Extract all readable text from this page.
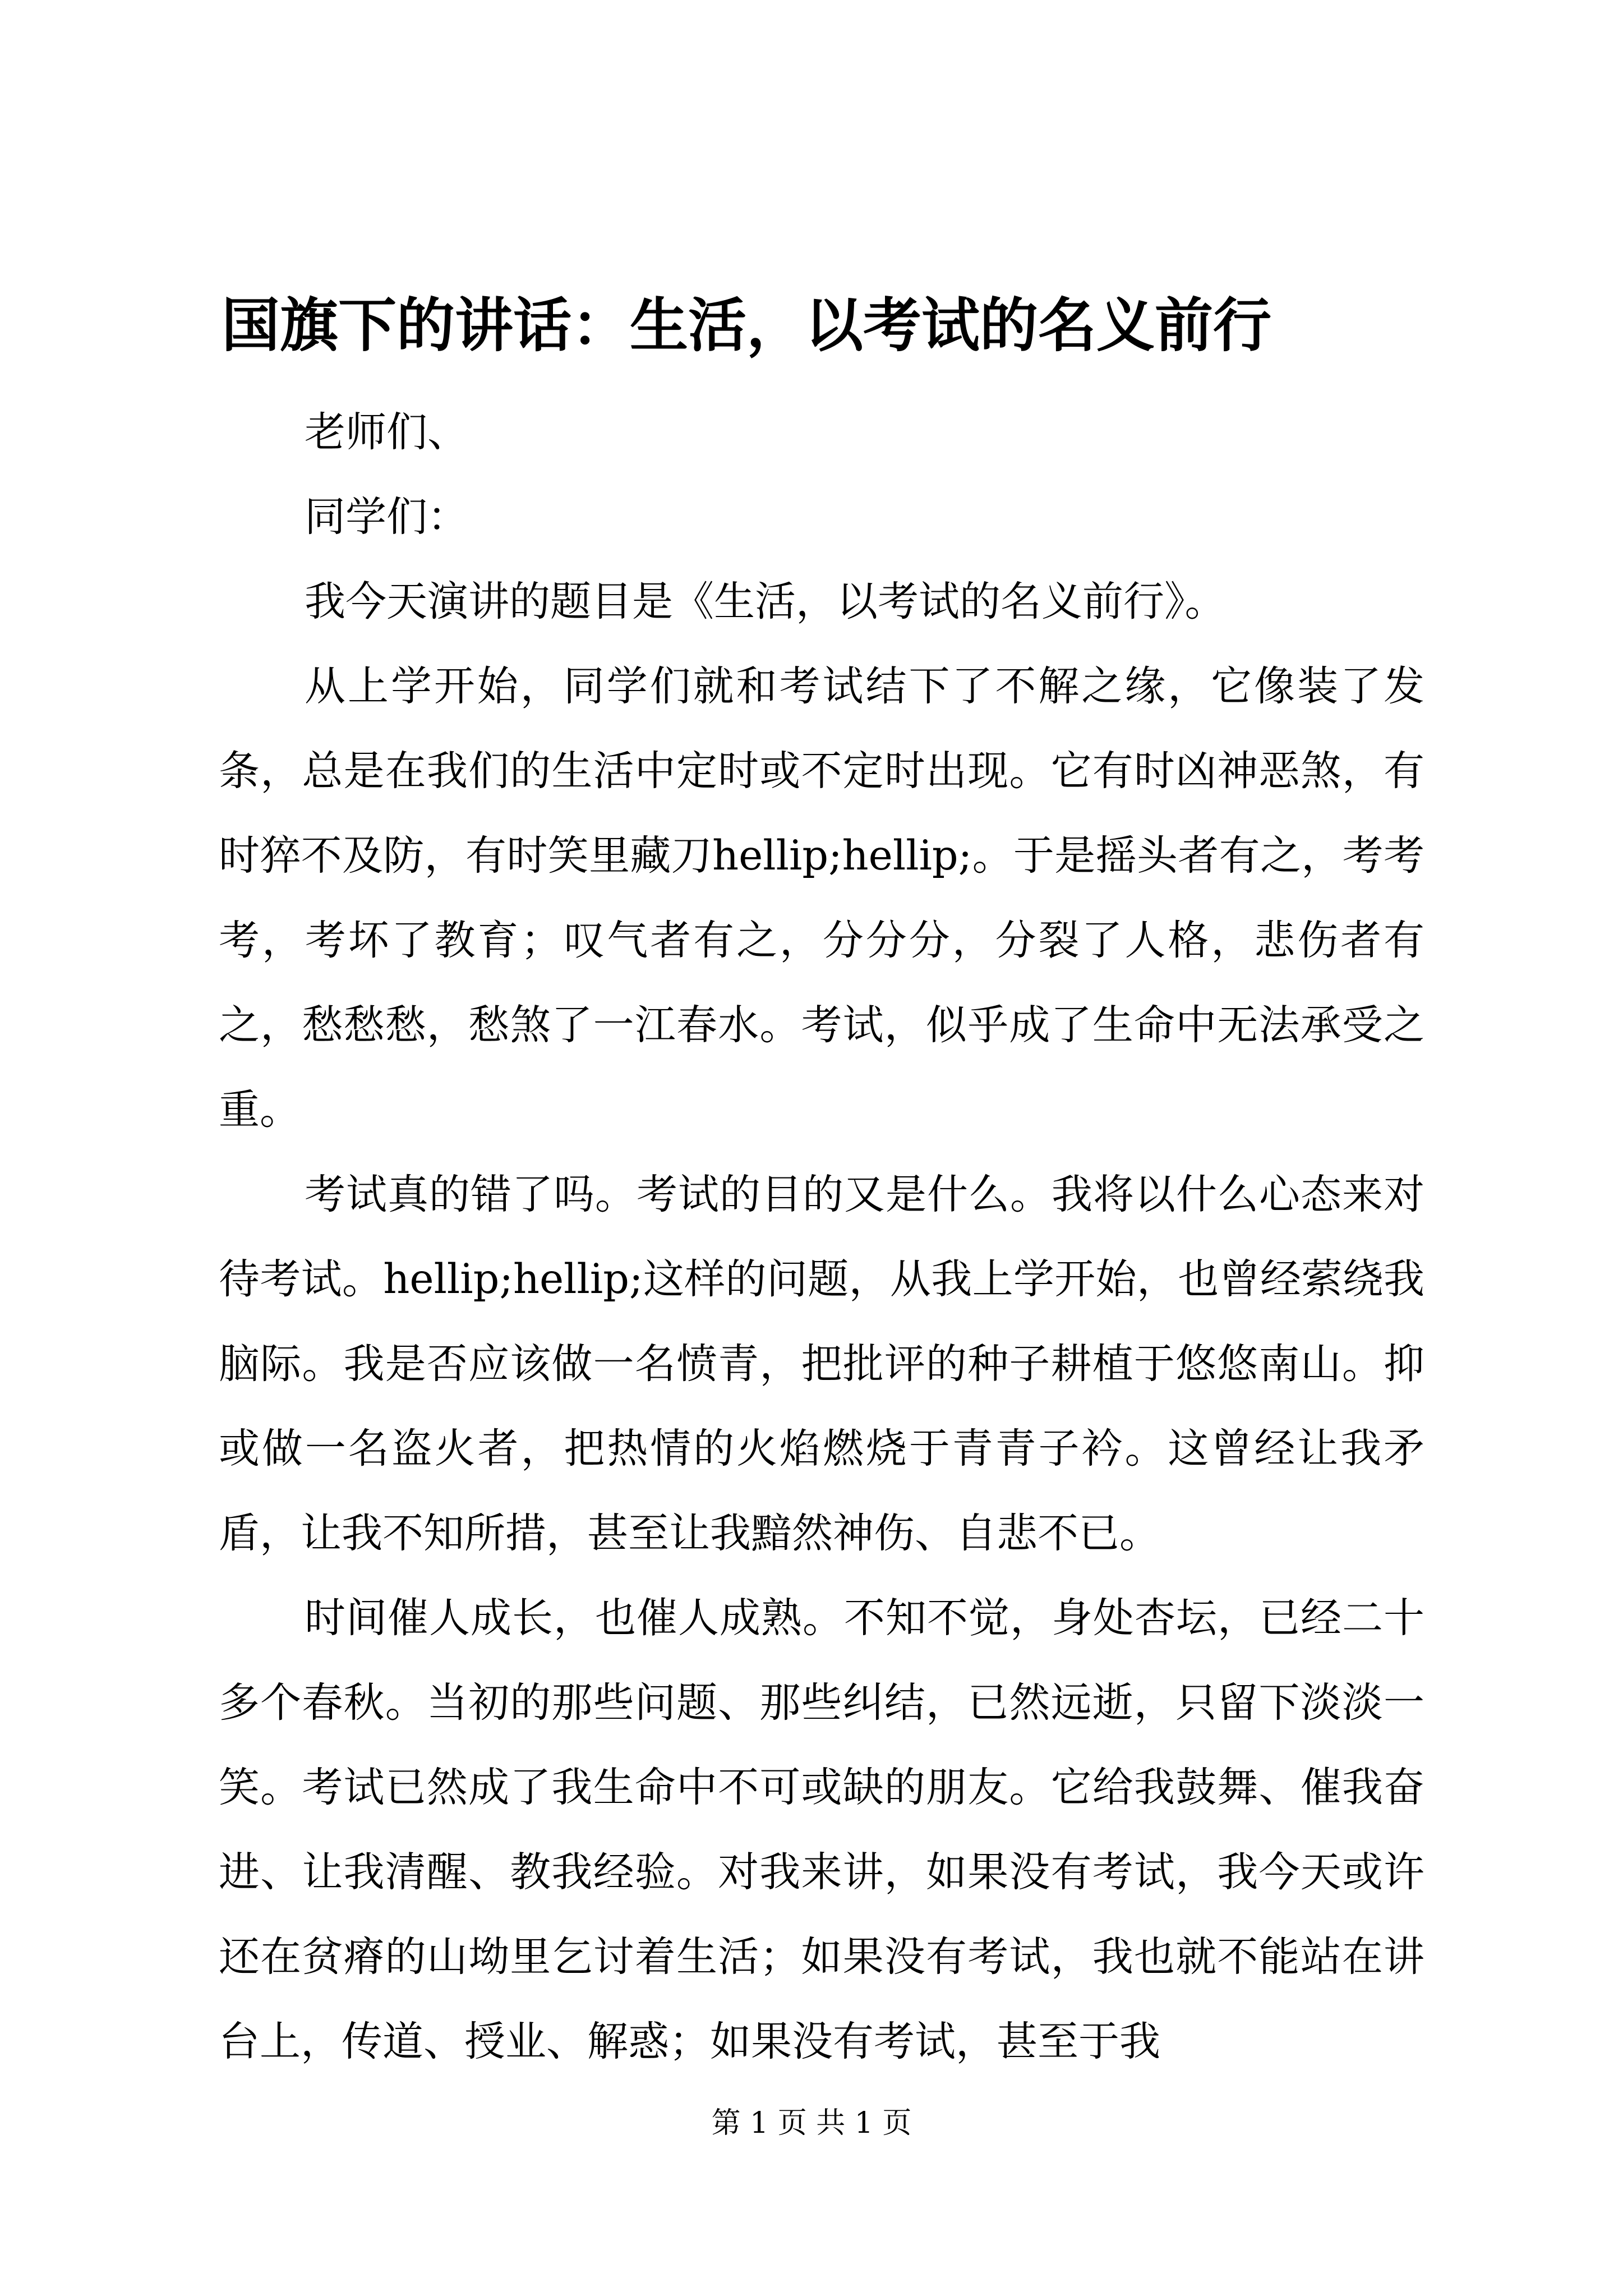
国旗下的讲话：生活，以考试的名义前行

老师们、

同学们：

我今天演讲的题目是《生活，以考试的名义前行》。

从上学开始，同学们就和考试结下了不解之缘，它像装了发条，总是在我们的生活中定时或不定时出现。它有时凶神恶煞，有时猝不及防，有时笑里藏刀hellip;hellip;。于是摇头者有之，考考考，考坏了教育；叹气者有之，分分分，分裂了人格，悲伤者有之，愁愁愁，愁煞了一江春水。考试，似乎成了生命中无法承受之重。

考试真的错了吗。考试的目的又是什么。我将以什么心态来对待考试。hellip;hellip;这样的问题，从我上学开始，也曾经萦绕我脑际。我是否应该做一名愤青，把批评的种子耕植于悠悠南山。抑或做一名盗火者，把热情的火焰燃烧于青青子衿。这曾经让我矛盾，让我不知所措，甚至让我黯然神伤、自悲不已。

时间催人成长，也催人成熟。不知不觉，身处杏坛，已经二十多个春秋。当初的那些问题、那些纠结，已然远逝，只留下淡淡一笑。考试已然成了我生命中不可或缺的朋友。它给我鼓舞、催我奋进、让我清醒、教我经验。对我来讲，如果没有考试，我今天或许还在贫瘠的山坳里乞讨着生活；如果没有考试，我也就不能站在讲台上，传道、授业、解惑；如果没有考试，甚至于我

第 1 页 共 1 页
